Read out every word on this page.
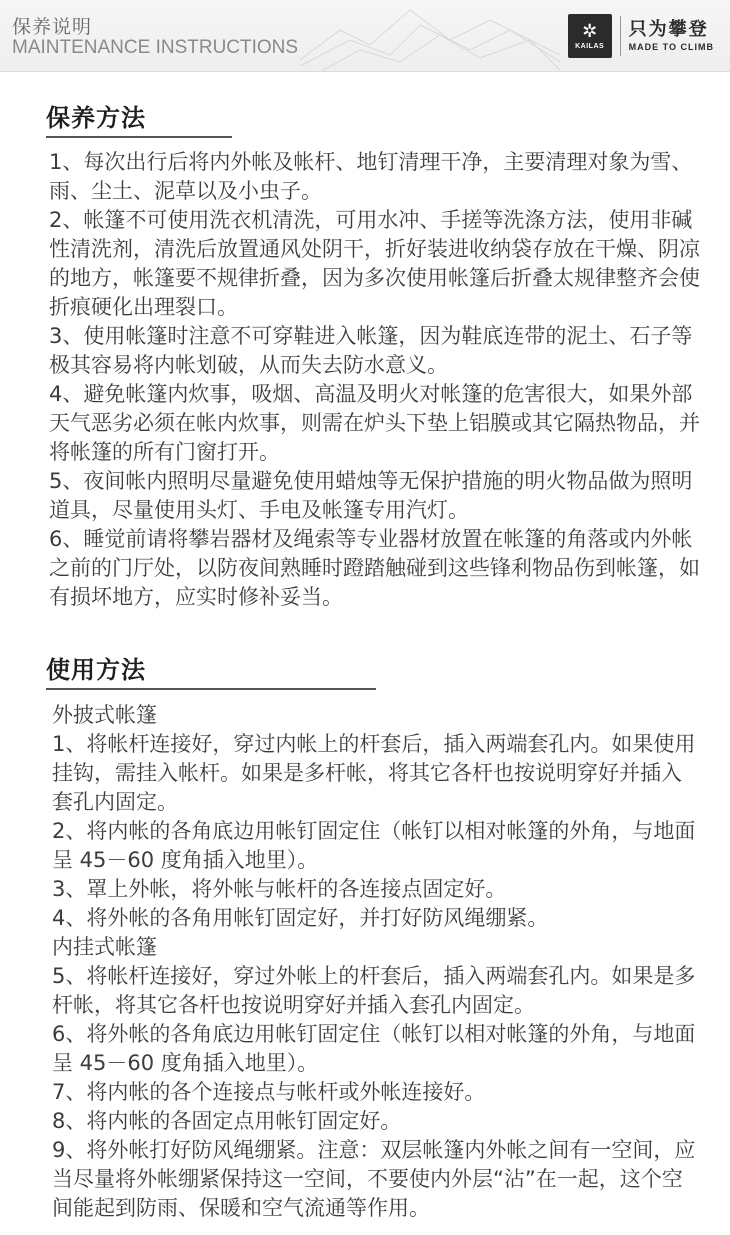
保养说明
MAINTENANCE INSTRUCTIONS
✲
KAILAS
只为攀登
MADE TO CLIMB
保养方法

1、每次出行后将内外帐及帐杆、地钉清理干净，主要清理对象为雪、雨、尘土、泥草以及小虫子。

2、帐篷不可使用洗衣机清洗，可用水冲、手搓等洗涤方法，使用非碱性清洗剂，清洗后放置通风处阴干，折好装进收纳袋存放在干燥、阴凉的地方，帐篷要不规律折叠，因为多次使用帐篷后折叠太规律整齐会使折痕硬化出理裂口。

3、使用帐篷时注意不可穿鞋进入帐篷，因为鞋底连带的泥土、石子等极其容易将内帐划破，从而失去防水意义。

4、避免帐篷内炊事，吸烟、高温及明火对帐篷的危害很大，如果外部天气恶劣必须在帐内炊事，则需在炉头下垫上铝膜或其它隔热物品，并将帐篷的所有门窗打开。

5、夜间帐内照明尽量避免使用蜡烛等无保护措施的明火物品做为照明道具，尽量使用头灯、手电及帐篷专用汽灯。

6、睡觉前请将攀岩器材及绳索等专业器材放置在帐篷的角落或内外帐之前的门厅处，以防夜间熟睡时蹬踏触碰到这些锋利物品伤到帐篷，如有损坏地方，应实时修补妥当。

使用方法

外披式帐篷

1、将帐杆连接好，穿过内帐上的杆套后，插入两端套孔内。如果使用挂钩，需挂入帐杆。如果是多杆帐，将其它各杆也按说明穿好并插入套孔内固定。

2、将内帐的各角底边用帐钉固定住（帐钉以相对帐篷的外角，与地面呈 45－60 度角插入地里）。

3、罩上外帐，将外帐与帐杆的各连接点固定好。

4、将外帐的各角用帐钉固定好，并打好防风绳绷紧。

内挂式帐篷

5、将帐杆连接好，穿过外帐上的杆套后，插入两端套孔内。如果是多杆帐，将其它各杆也按说明穿好并插入套孔内固定。

6、将外帐的各角底边用帐钉固定住（帐钉以相对帐篷的外角，与地面呈 45－60 度角插入地里）。

7、将内帐的各个连接点与帐杆或外帐连接好。

8、将内帐的各固定点用帐钉固定好。

9、将外帐打好防风绳绷紧。注意：双层帐篷内外帐之间有一空间，应当尽量将外帐绷紧保持这一空间，不要使内外层“沾”在一起，这个空间能起到防雨、保暖和空气流通等作用。
